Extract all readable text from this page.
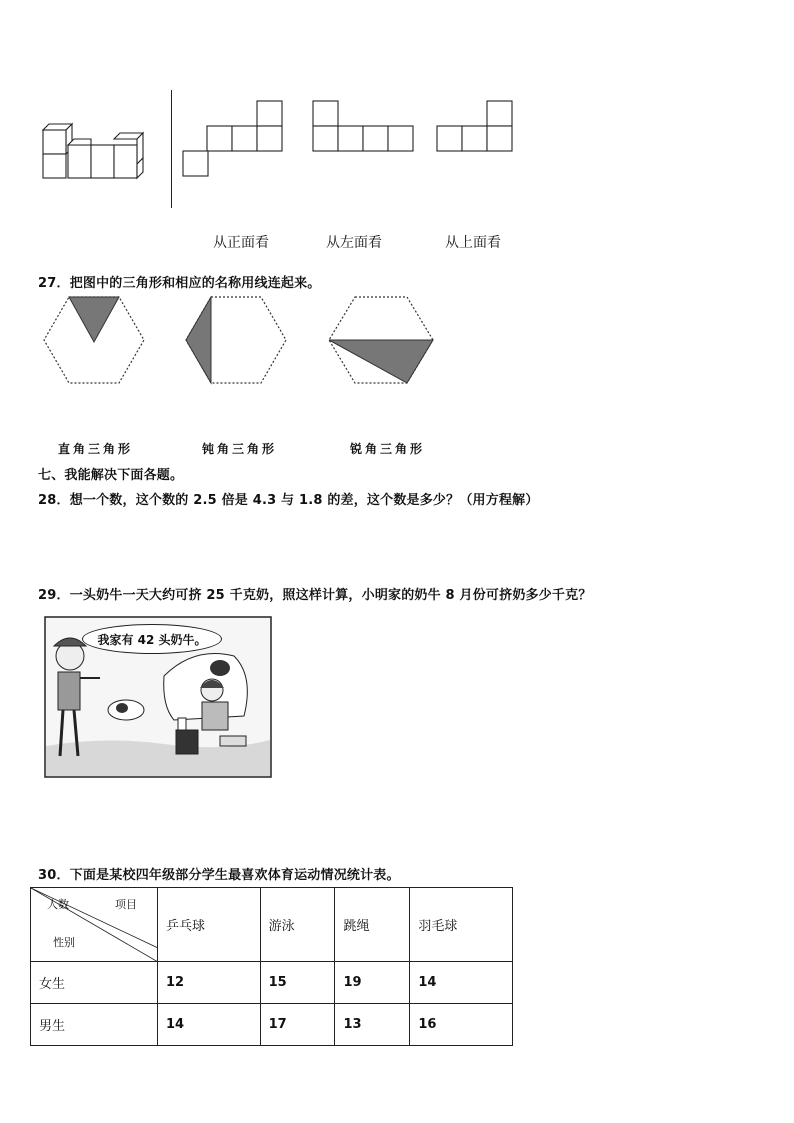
从正面看	从左面看	从上面看
27．把图中的三角形和相应的名称用线连起来。
直角三角形	钝角三角形	锐角三角形
七、我能解决下面各题。
28．想一个数，这个数的 2.5 倍是 4.3 与 1.8 的差，这个数是多少？（用方程解）
29．一头奶牛一天大约可挤 25 千克奶，照这样计算，小明家的奶牛 8 月份可挤奶多少千克？
我家有 42 头奶牛。
30．下面是某校四年级部分学生最喜欢体育运动情况统计表。
人数 项目
性别	乒乓球	游泳	跳绳	羽毛球
女生	12	15	19	14
男生	14	17	13	16
